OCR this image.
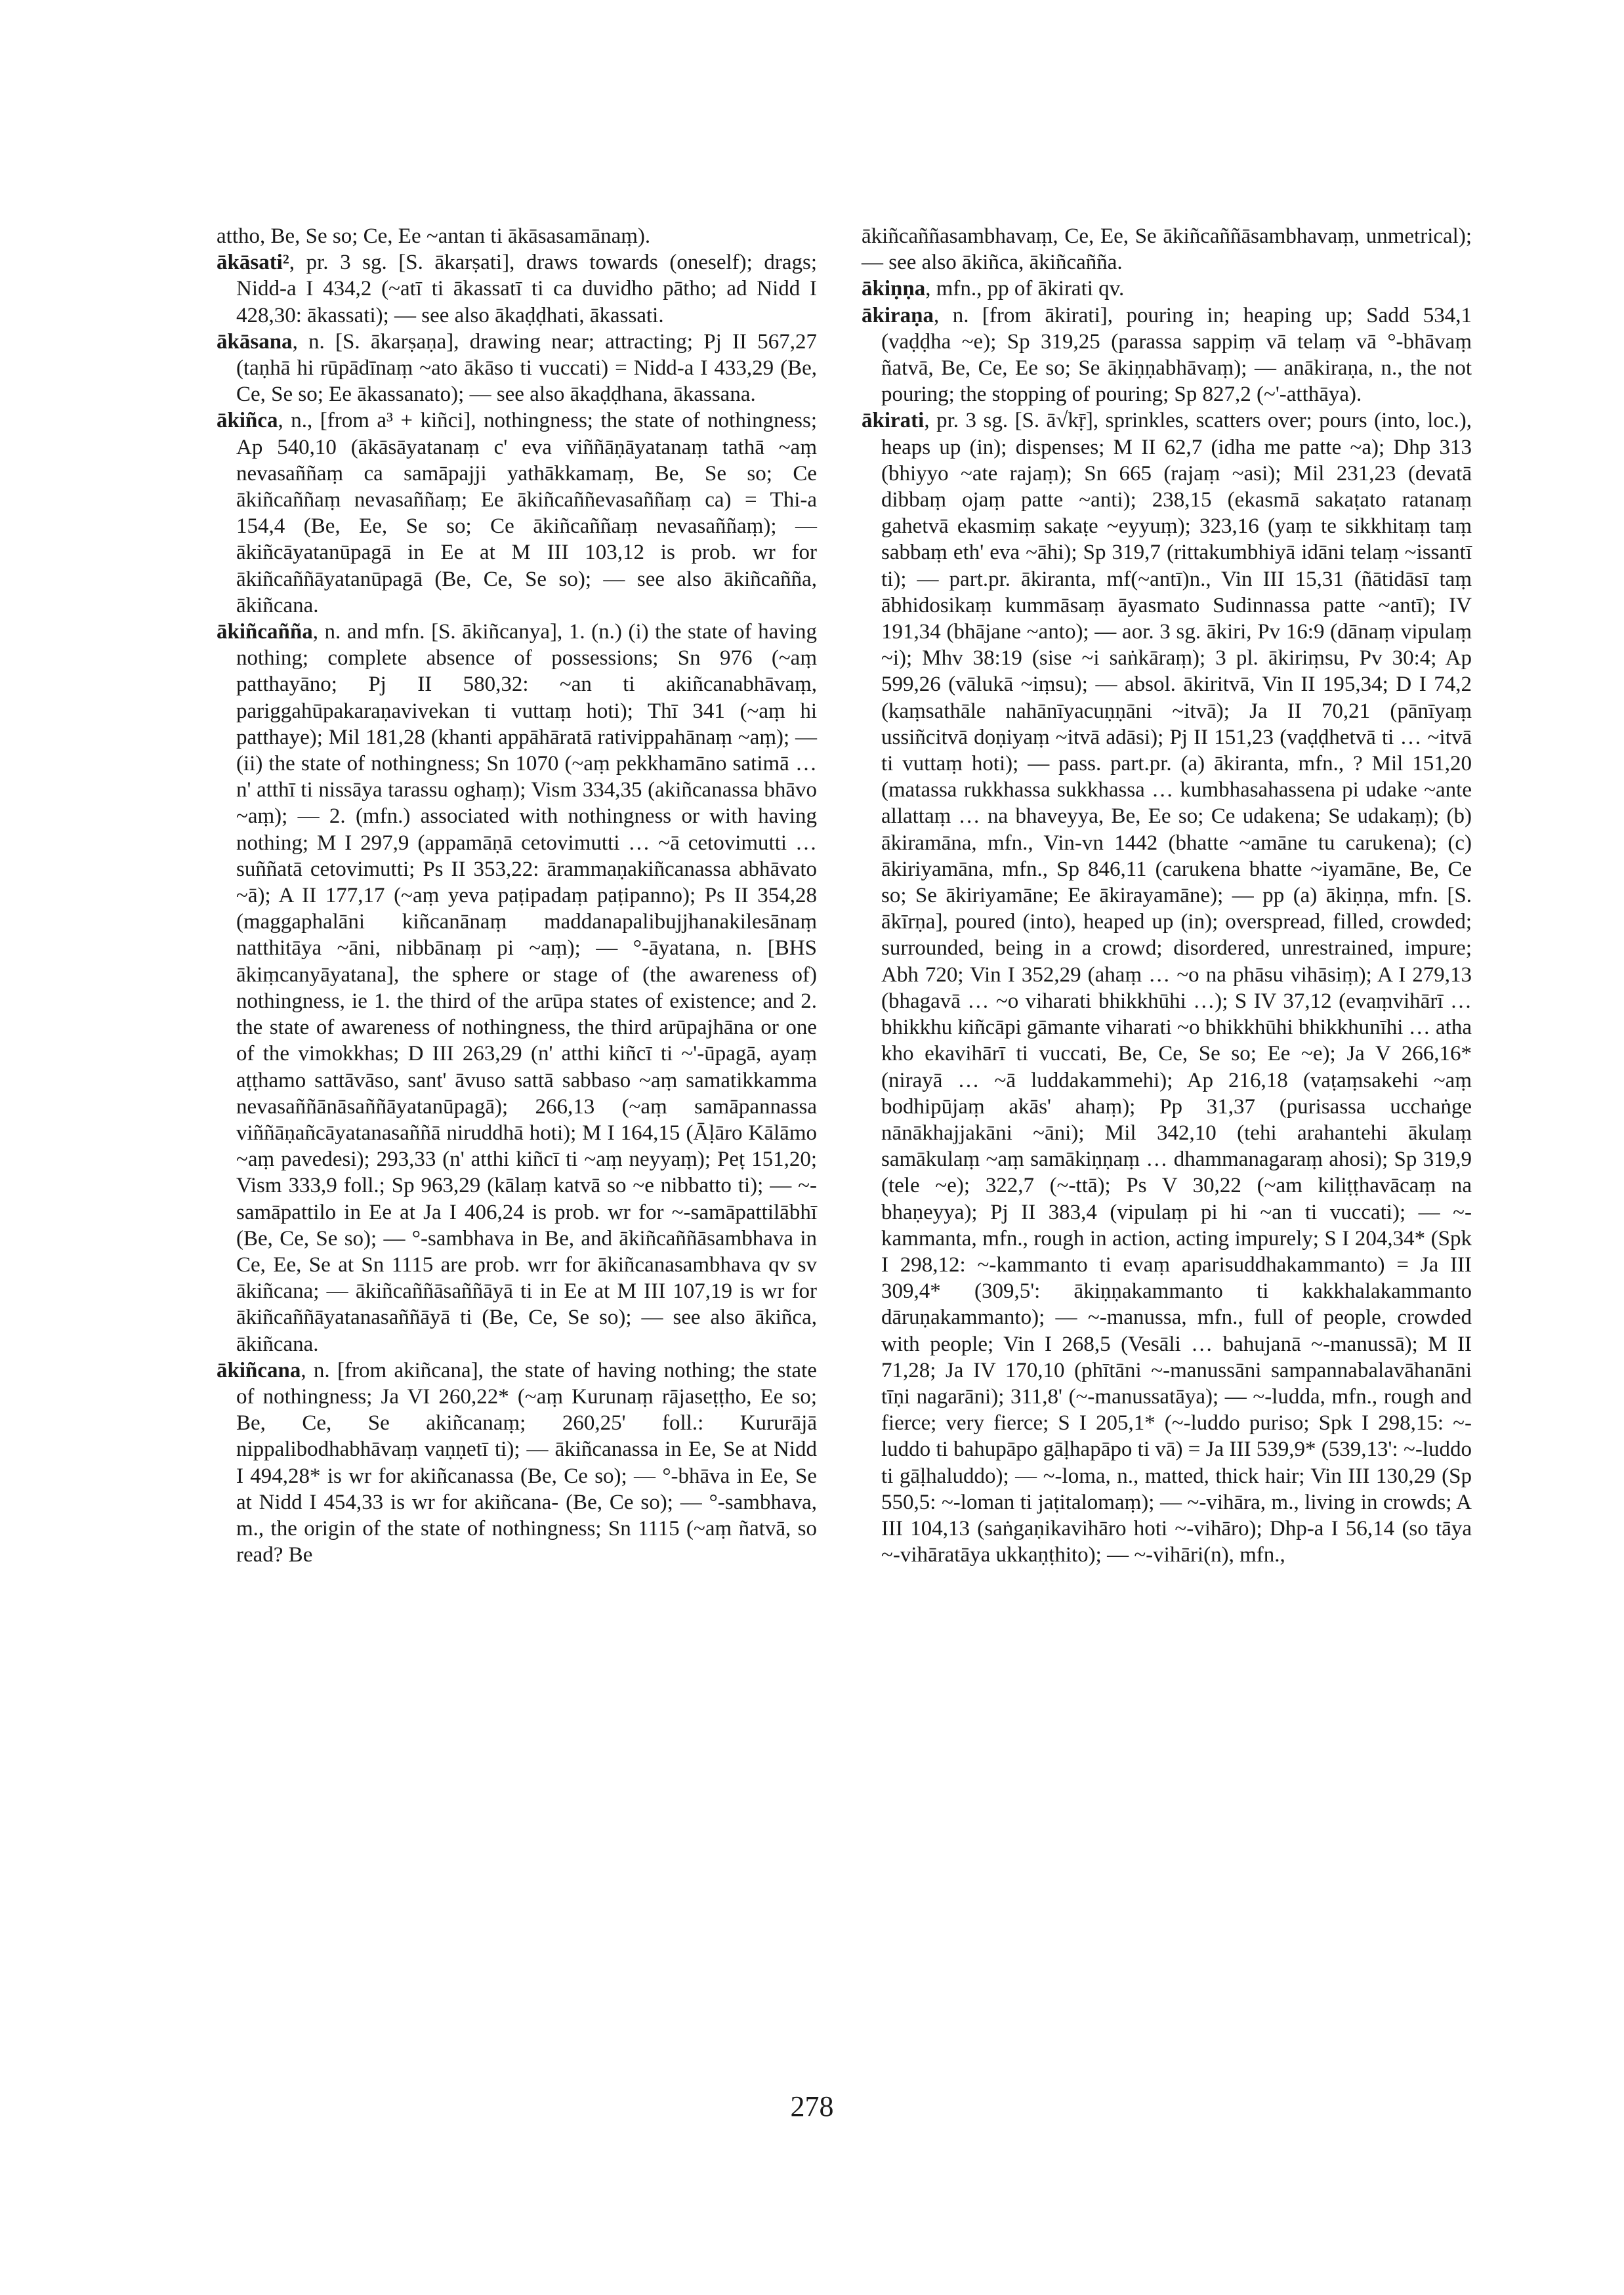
attho, Be, Se so; Ce, Ee ~antan ti ākāsasamānaṃ).

ākāsati², pr. 3 sg. [S. ākarṣati], draws towards (oneself); drags; Nidd-a I 434,2 (~atī ti ākassatī ti ca duvidho pātho; ad Nidd I 428,30: ākassati); — see also ākaḍḍhati, ākassati.

ākāsana, n. [S. ākarṣaṇa], drawing near; attracting; Pj II 567,27 (taṇhā hi rūpādīnaṃ ~ato ākāso ti vuccati) = Nidd-a I 433,29 (Be, Ce, Se so; Ee ākassanato); — see also ākaḍḍhana, ākassana.

ākiñca, n., [from a³ + kiñci], nothingness; the state of nothingness; Ap 540,10 (ākāsāyatanaṃ c' eva viññāṇāyatanaṃ tathā ~aṃ nevasaññaṃ ca samāpajji yathākkamaṃ, Be, Se so; Ce ākiñcaññaṃ nevasaññaṃ; Ee ākiñcaññevasaññaṃ ca) = Thi-a 154,4 (Be, Ee, Se so; Ce ākiñcaññaṃ nevasaññaṃ); — ākiñcāyatanūpagā in Ee at M III 103,12 is prob. wr for ākiñcaññāyatanūpagā (Be, Ce, Se so); — see also ākiñcañña, ākiñcana.

ākiñcañña, n. and mfn. [S. ākiñcanya], 1. (n.) (i) the state of having nothing; complete absence of possessions; Sn 976 (~aṃ patthayāno; Pj II 580,32: ~an ti akiñcanabhāvaṃ, pariggahūpakaraṇavivekan ti vuttaṃ hoti); Thī 341 (~aṃ hi patthaye); Mil 181,28 (khanti appāhāratā rativippahānaṃ ~aṃ); — (ii) the state of nothingness; Sn 1070 (~aṃ pekkhamāno satimā … n' atthī ti nissāya tarassu oghaṃ); Vism 334,35 (akiñcanassa bhāvo ~aṃ); — 2. (mfn.) associated with nothingness or with having nothing; M I 297,9 (appamāṇā cetovimutti … ~ā cetovimutti … suññatā cetovimutti; Ps II 353,22: ārammaṇakiñcanassa abhāvato ~ā); A II 177,17 (~aṃ yeva paṭipadaṃ paṭipanno); Ps II 354,28 (maggaphalāni kiñcanānaṃ maddanapalibujjhanakilesānaṃ natthitāya ~āni, nibbānaṃ pi ~aṃ); — °-āyatana, n. [BHS ākiṃcanyāyatana], the sphere or stage of (the awareness of) nothingness, ie 1. the third of the arūpa states of existence; and 2. the state of awareness of nothingness, the third arūpajhāna or one of the vimokkhas; D III 263,29 (n' atthi kiñcī ti ~'-ūpagā, ayaṃ aṭṭhamo sattāvāso, sant' āvuso sattā sabbaso ~aṃ samatikkamma nevasaññānāsaññāyatanūpagā); 266,13 (~aṃ samāpannassa viññāṇañcāyatanasaññā niruddhā hoti); M I 164,15 (Āḷāro Kālāmo ~aṃ pavedesi); 293,33 (n' atthi kiñcī ti ~aṃ neyyaṃ); Peṭ 151,20; Vism 333,9 foll.; Sp 963,29 (kālaṃ katvā so ~e nibbatto ti); — ~-samāpattilo in Ee at Ja I 406,24 is prob. wr for ~-samāpattilābhī (Be, Ce, Se so); — °-sambhava in Be, and ākiñcaññāsambhava in Ce, Ee, Se at Sn 1115 are prob. wrr for ākiñcanasambhava qv sv ākiñcana; — ākiñcaññāsaññāyā ti in Ee at M III 107,19 is wr for ākiñcaññāyatanasaññāyā ti (Be, Ce, Se so); — see also ākiñca, ākiñcana.

ākiñcana, n. [from akiñcana], the state of having nothing; the state of nothingness; Ja VI 260,22* (~aṃ Kurunaṃ rājaseṭṭho, Ee so; Be, Ce, Se akiñcanaṃ; 260,25' foll.: Kururājā nippalibodhabhāvaṃ vaṇṇetī ti); — ākiñcanassa in Ee, Se at Nidd I 494,28* is wr for akiñcanassa (Be, Ce so); — °-bhāva in Ee, Se at Nidd I 454,33 is wr for akiñcana- (Be, Ce so); — °-sambhava, m., the origin of the state of nothingness; Sn 1115 (~aṃ ñatvā, so read? Be

ākiñcaññasambhavaṃ, Ce, Ee, Se ākiñcaññāsambhavaṃ, unmetrical); — see also ākiñca, ākiñcañña.

ākiṇṇa, mfn., pp of ākirati qv.

ākiraṇa, n. [from ākirati], pouring in; heaping up; Sadd 534,1 (vaḍḍha ~e); Sp 319,25 (parassa sappiṃ vā telaṃ vā °-bhāvaṃ ñatvā, Be, Ce, Ee so; Se ākiṇṇabhāvaṃ); — anākiraṇa, n., the not pouring; the stopping of pouring; Sp 827,2 (~'-atthāya).

ākirati, pr. 3 sg. [S. ā√kṝ], sprinkles, scatters over; pours (into, loc.), heaps up (in); dispenses; M II 62,7 (idha me patte ~a); Dhp 313 (bhiyyo ~ate rajaṃ); Sn 665 (rajaṃ ~asi); Mil 231,23 (devatā dibbaṃ ojaṃ patte ~anti); 238,15 (ekasmā sakaṭato ratanaṃ gahetvā ekasmiṃ sakaṭe ~eyyuṃ); 323,16 (yaṃ te sikkhitaṃ taṃ sabbaṃ eth' eva ~āhi); Sp 319,7 (rittakumbhiyā idāni telaṃ ~issantī ti); — part.pr. ākiranta, mf(~antī)n., Vin III 15,31 (ñātidāsī taṃ ābhidosikaṃ kummāsaṃ āyasmato Sudinnassa patte ~antī); IV 191,34 (bhājane ~anto); — aor. 3 sg. ākiri, Pv 16:9 (dānaṃ vipulaṃ ~i); Mhv 38:19 (sise ~i saṅkāraṃ); 3 pl. ākiriṃsu, Pv 30:4; Ap 599,26 (vālukā ~iṃsu); — absol. ākiritvā, Vin II 195,34; D I 74,2 (kaṃsathāle nahānīyacuṇṇāni ~itvā); Ja II 70,21 (pānīyaṃ ussiñcitvā doṇiyaṃ ~itvā adāsi); Pj II 151,23 (vaḍḍhetvā ti … ~itvā ti vuttaṃ hoti); — pass. part.pr. (a) ākiranta, mfn., ? Mil 151,20 (matassa rukkhassa sukkhassa … kumbhasahassena pi udake ~ante allattaṃ … na bhaveyya, Be, Ee so; Ce udakena; Se udakaṃ); (b) ākiramāna, mfn., Vin-vn 1442 (bhatte ~amāne tu carukena); (c) ākiriyamāna, mfn., Sp 846,11 (carukena bhatte ~iyamāne, Be, Ce so; Se ākiriyamāne; Ee ākirayamāne); — pp (a) ākiṇṇa, mfn. [S. ākīrṇa], poured (into), heaped up (in); overspread, filled, crowded; surrounded, being in a crowd; disordered, unrestrained, impure; Abh 720; Vin I 352,29 (ahaṃ … ~o na phāsu vihāsiṃ); A I 279,13 (bhagavā … ~o viharati bhikkhūhi …); S IV 37,12 (evaṃvihārī … bhikkhu kiñcāpi gāmante viharati ~o bhikkhūhi bhikkhunīhi … atha kho ekavihārī ti vuccati, Be, Ce, Se so; Ee ~e); Ja V 266,16* (nirayā … ~ā luddakammehi); Ap 216,18 (vaṭaṃsakehi ~aṃ bodhipūjaṃ akās' ahaṃ); Pp 31,37 (purisassa ucchaṅge nānākhajjakāni ~āni); Mil 342,10 (tehi arahantehi ākulaṃ samākulaṃ ~aṃ samākiṇṇaṃ … dhammanagaraṃ ahosi); Sp 319,9 (tele ~e); 322,7 (~-ttā); Ps V 30,22 (~am kiliṭṭhavācaṃ na bhaṇeyya); Pj II 383,4 (vipulaṃ pi hi ~an ti vuccati); — ~-kammanta, mfn., rough in action, acting impurely; S I 204,34* (Spk I 298,12: ~-kammanto ti evaṃ aparisuddhakammanto) = Ja III 309,4* (309,5': ākiṇṇakammanto ti kakkhalakammanto dāruṇakammanto); — ~-manussa, mfn., full of people, crowded with people; Vin I 268,5 (Vesāli … bahujanā ~-manussā); M II 71,28; Ja IV 170,10 (phītāni ~-manussāni sampannabalavāhanāni tīṇi nagarāni); 311,8' (~-manussatāya); — ~-ludda, mfn., rough and fierce; very fierce; S I 205,1* (~-luddo puriso; Spk I 298,15: ~-luddo ti bahupāpo gāḷhapāpo ti vā) = Ja III 539,9* (539,13': ~-luddo ti gāḷhaluddo); — ~-loma, n., matted, thick hair; Vin III 130,29 (Sp 550,5: ~-loman ti jaṭitalomaṃ); — ~-vihāra, m., living in crowds; A III 104,13 (saṅgaṇikavihāro hoti ~-vihāro); Dhp-a I 56,14 (so tāya ~-vihāratāya ukkaṇṭhito); — ~-vihāri(n), mfn.,

278
